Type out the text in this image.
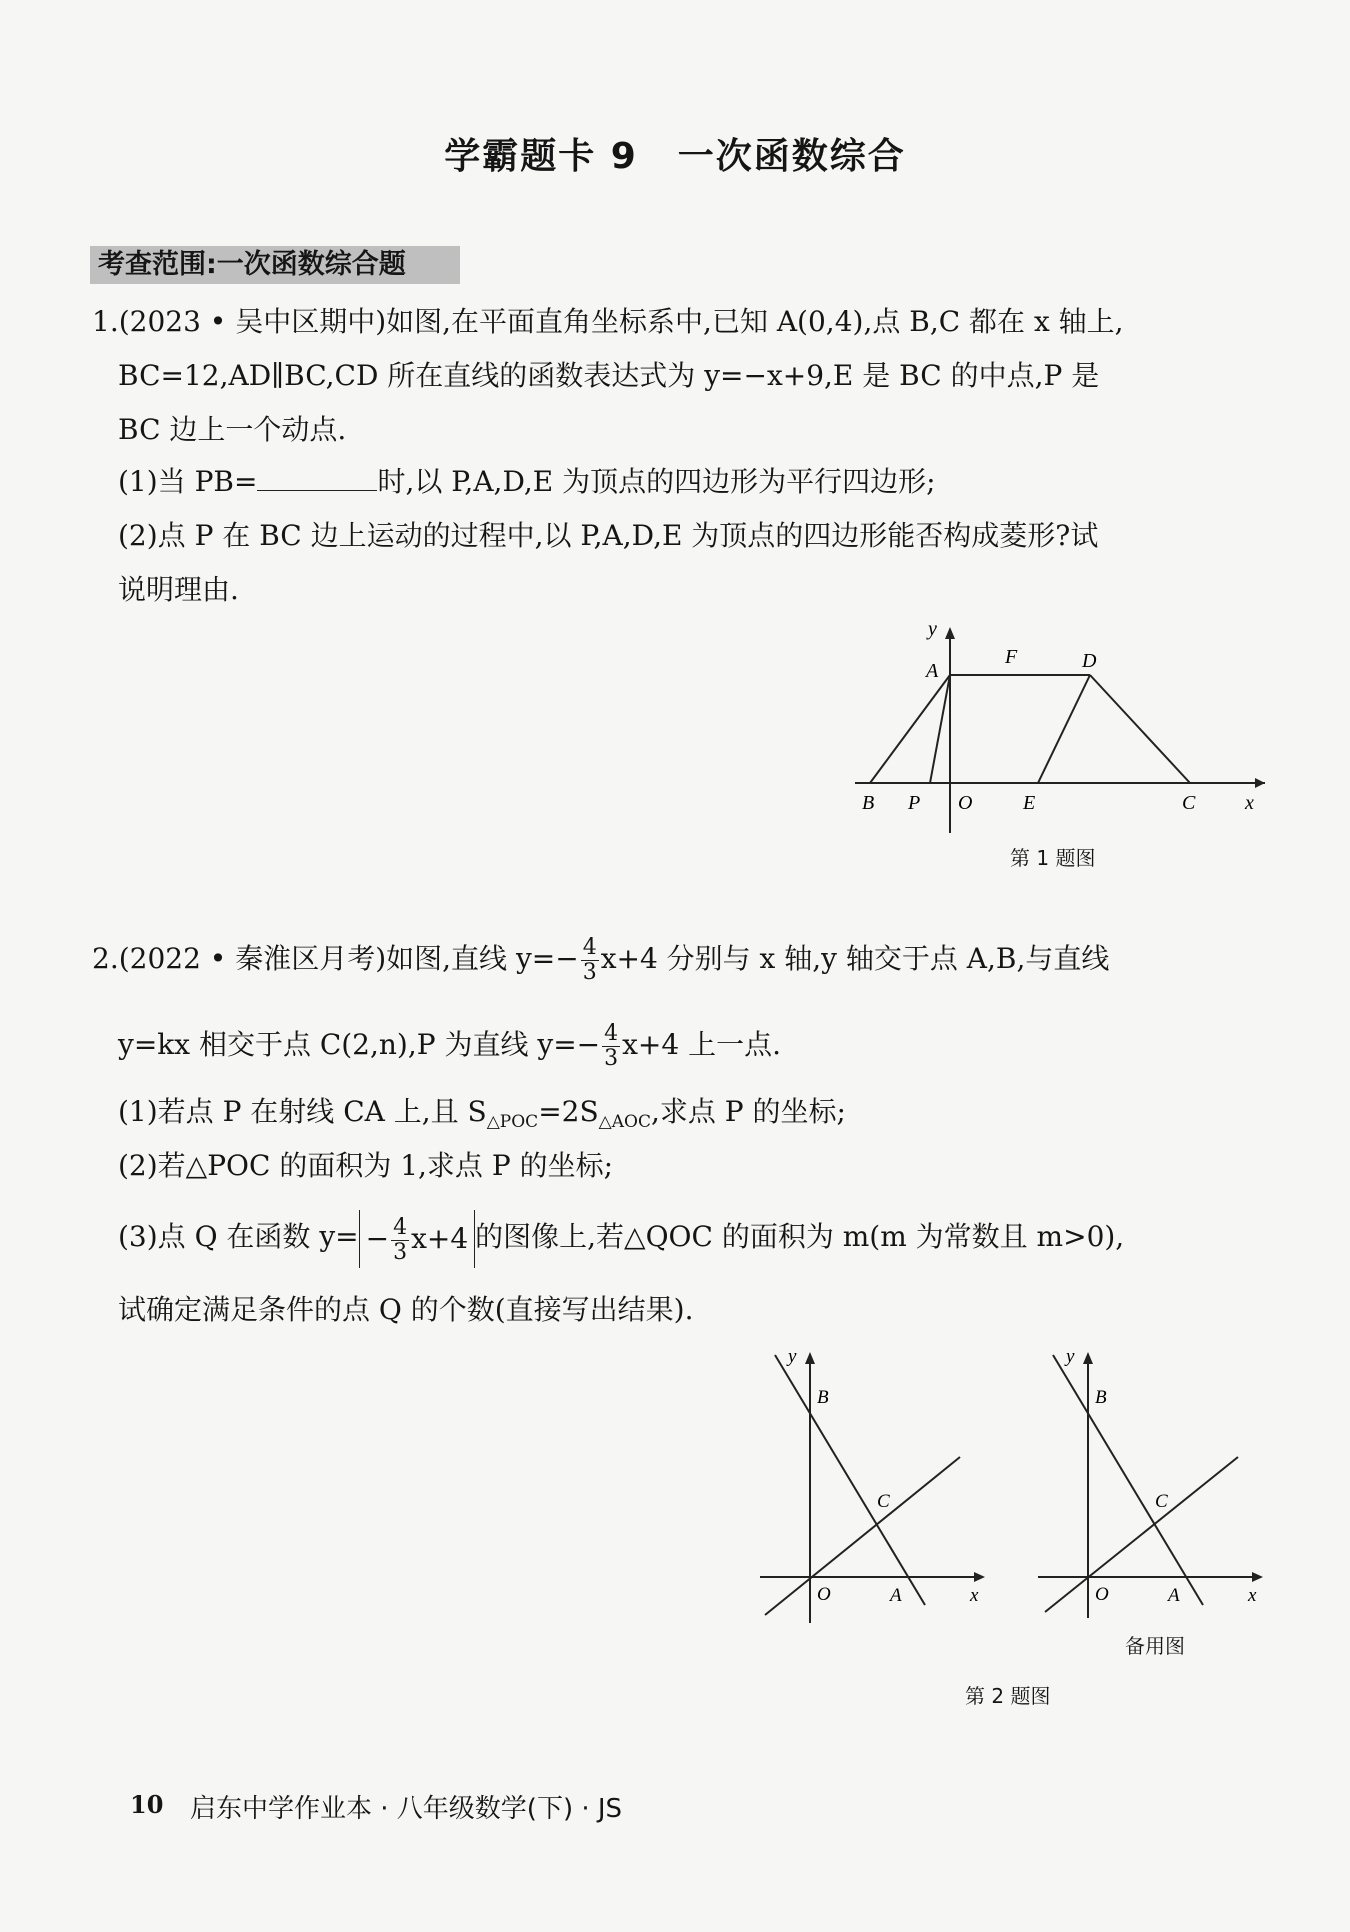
学霸题卡 9 一次函数综合
考查范围:一次函数综合题
1.(2023 • 吴中区期中)如图,在平面直角坐标系中,已知 A(0,4),点 B,C 都在 x 轴上,
BC=12,AD∥BC,CD 所在直线的函数表达式为 y=−x+9,E 是 BC 的中点,P 是
BC 边上一个动点.
(1)当 PB=	时,以 P,A,D,E 为顶点的四边形为平行四边形;
(2)点 P 在 BC 边上运动的过程中,以 P,A,D,E 为顶点的四边形能否构成菱形?试
说明理由.
y
A
F	D
B P O	E	C x
第 1 题图
2.(2022 • 秦淮区月考)如图,直线 $y=- \frac{4}{3} x+4$ 分别与 x 轴,y 轴交于点 A,B,与直线
y=kx 相交于点 C(2,n),P 为直线 $y=- \frac{4}{3} x+4$ 上一点.
(1)若点 P 在射线 CA 上,且 $S_{\triangle POC}=2S_{\triangle AOC}$,求点 P 的坐标;
(2)若△POC 的面积为 1,求点 P 的坐标;
(3)点 Q 在函数 $y= - \frac{4}{3} x+4$ 的图像上,若△QOC 的面积为 m(m 为常数且 m>0),
试确定满足条件的点 Q 的个数(直接写出结果).
y
B
C
O	A	x
y
B
C
O	A	x
备用图
第 2 题图
10 启东中学作业本 · 八年级数学(下) · JS
